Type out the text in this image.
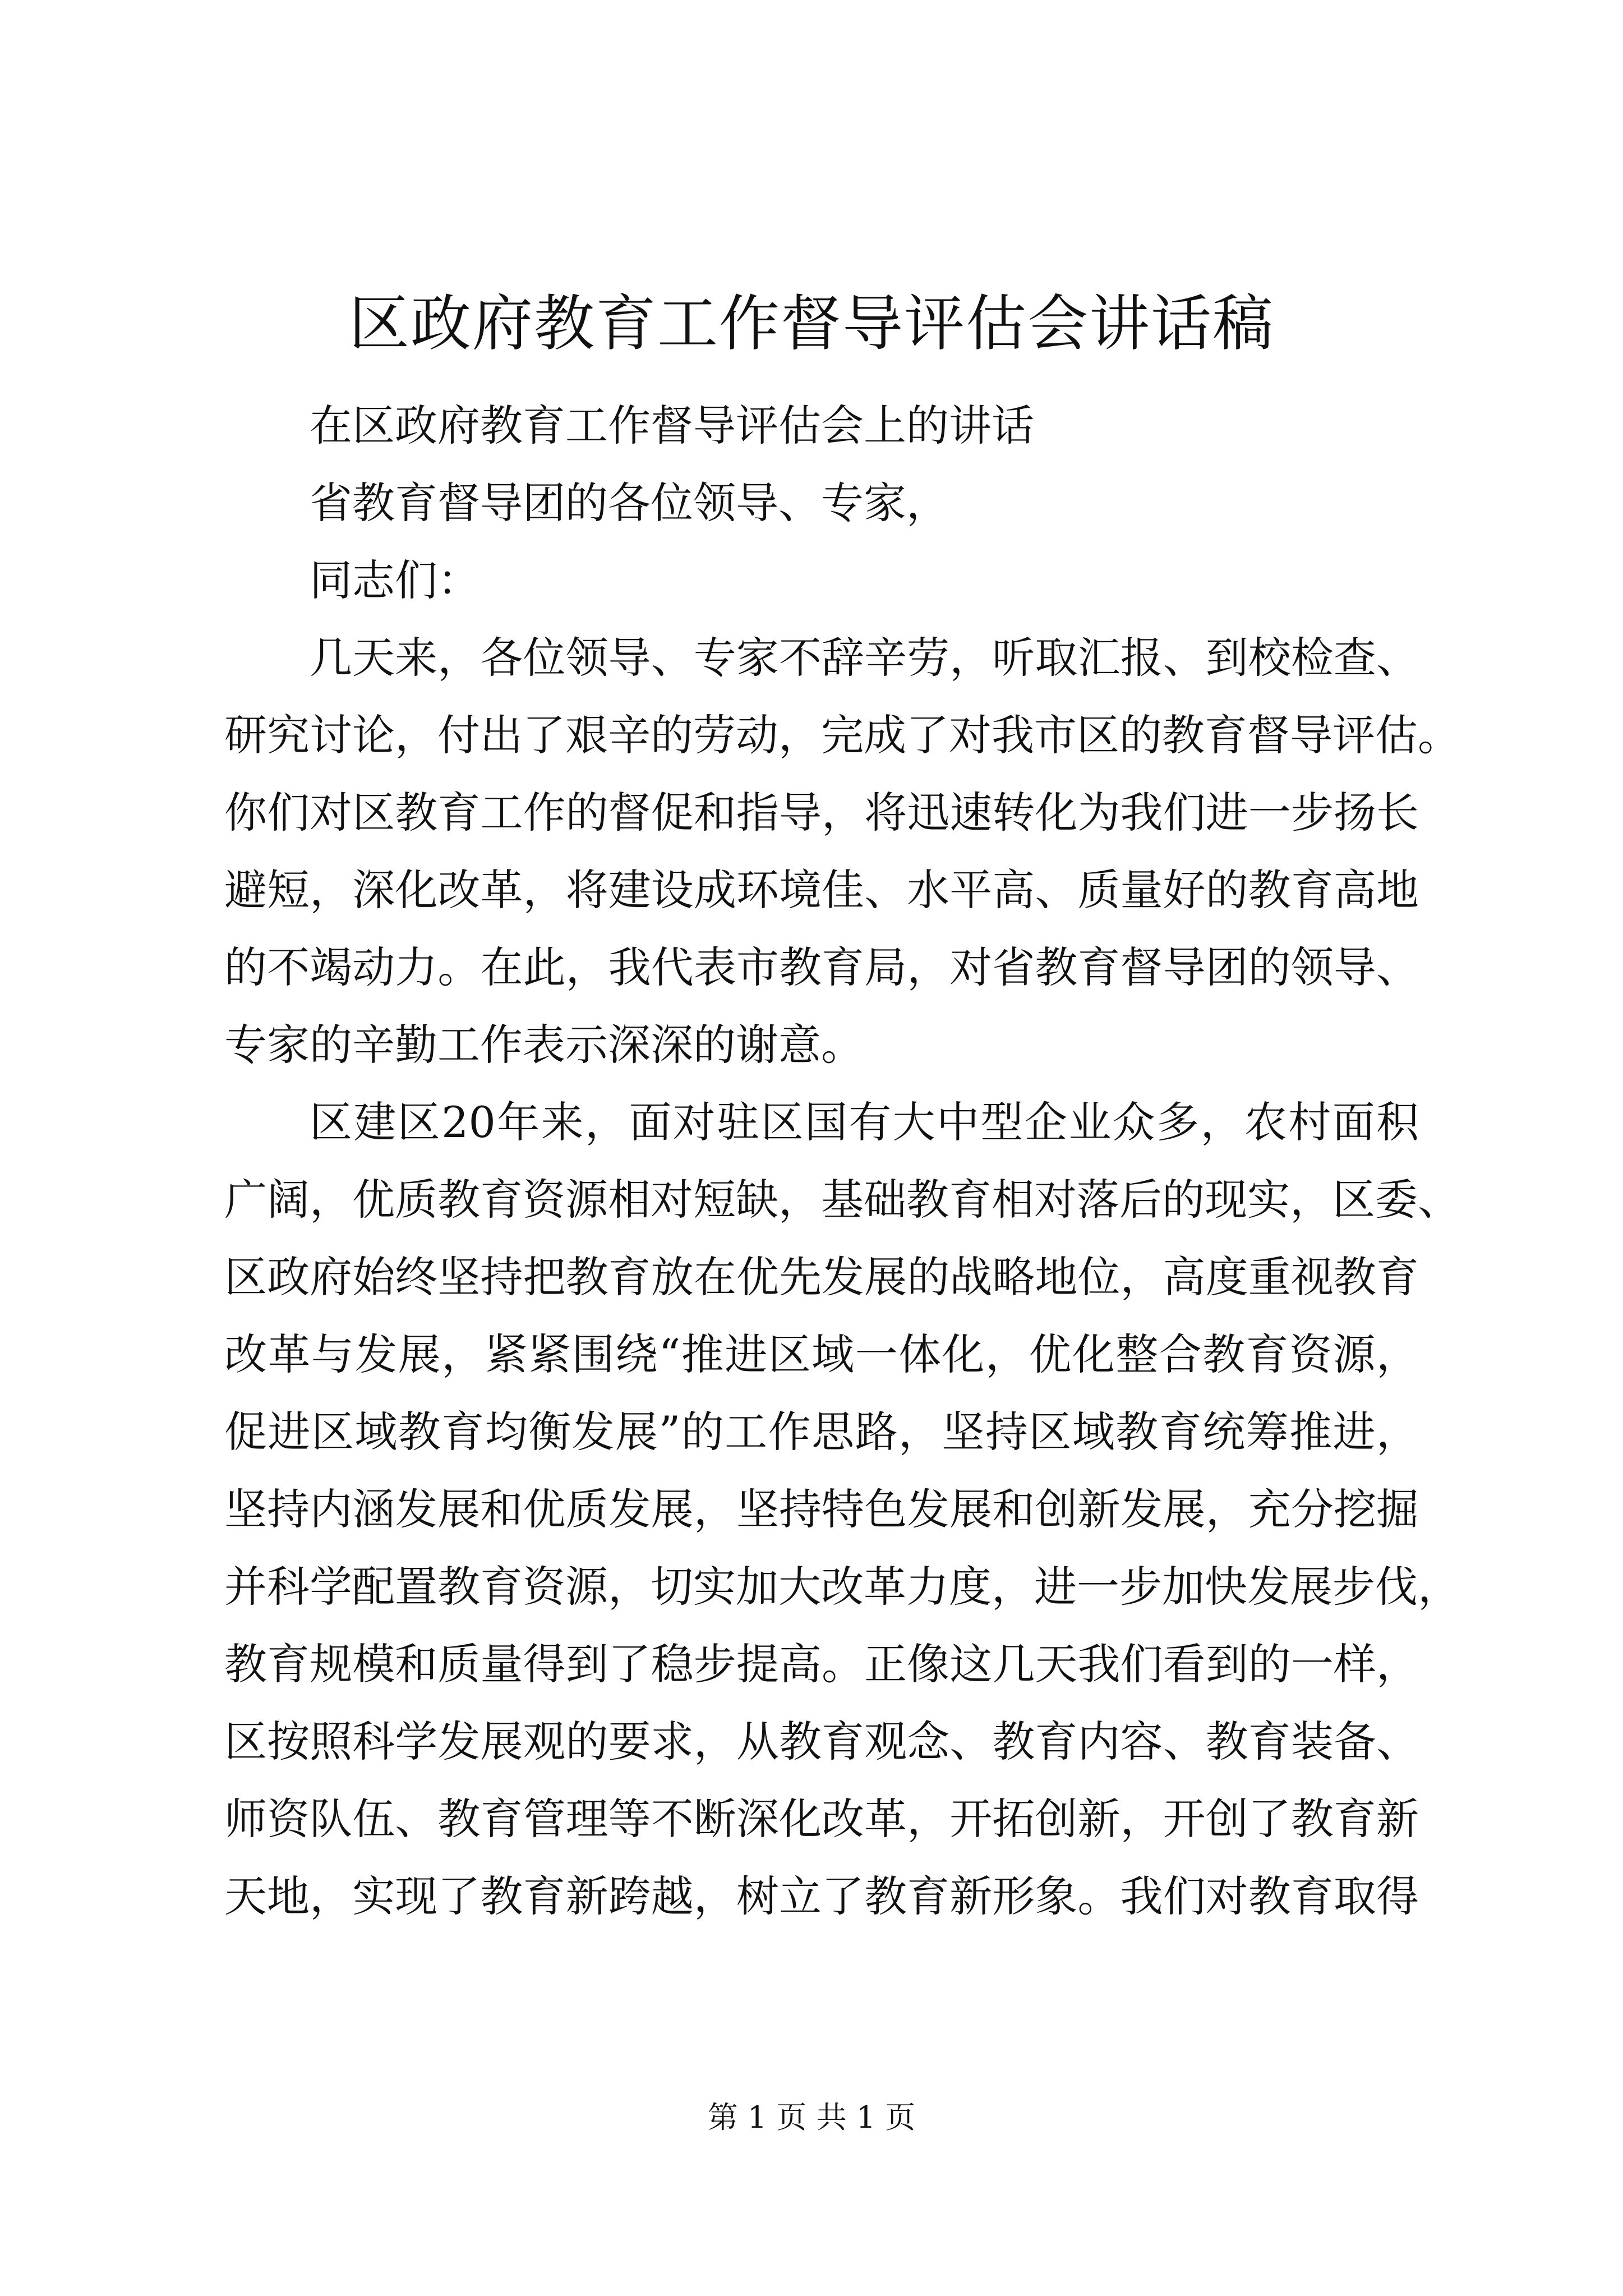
区政府教育工作督导评估会讲话稿
在区政府教育工作督导评估会上的讲话
省教育督导团的各位领导、专家，
同志们：
几天来，各位领导、专家不辞辛劳，听取汇报、到校检查、
研究讨论，付出了艰辛的劳动，完成了对我市区的教育督导评估。
你们对区教育工作的督促和指导，将迅速转化为我们进一步扬长
避短，深化改革，将建设成环境佳、水平高、质量好的教育高地
的不竭动力。在此，我代表市教育局，对省教育督导团的领导、
专家的辛勤工作表示深深的谢意。
区建区20年来，面对驻区国有大中型企业众多，农村面积
广阔，优质教育资源相对短缺，基础教育相对落后的现实，区委、
区政府始终坚持把教育放在优先发展的战略地位，高度重视教育
改革与发展，紧紧围绕“推进区域一体化，优化整合教育资源，
促进区域教育均衡发展”的工作思路，坚持区域教育统筹推进，
坚持内涵发展和优质发展，坚持特色发展和创新发展，充分挖掘
并科学配置教育资源，切实加大改革力度，进一步加快发展步伐，
教育规模和质量得到了稳步提高。正像这几天我们看到的一样，
区按照科学发展观的要求，从教育观念、教育内容、教育装备、
师资队伍、教育管理等不断深化改革，开拓创新，开创了教育新
天地，实现了教育新跨越，树立了教育新形象。我们对教育取得
第 1 页 共 1 页
